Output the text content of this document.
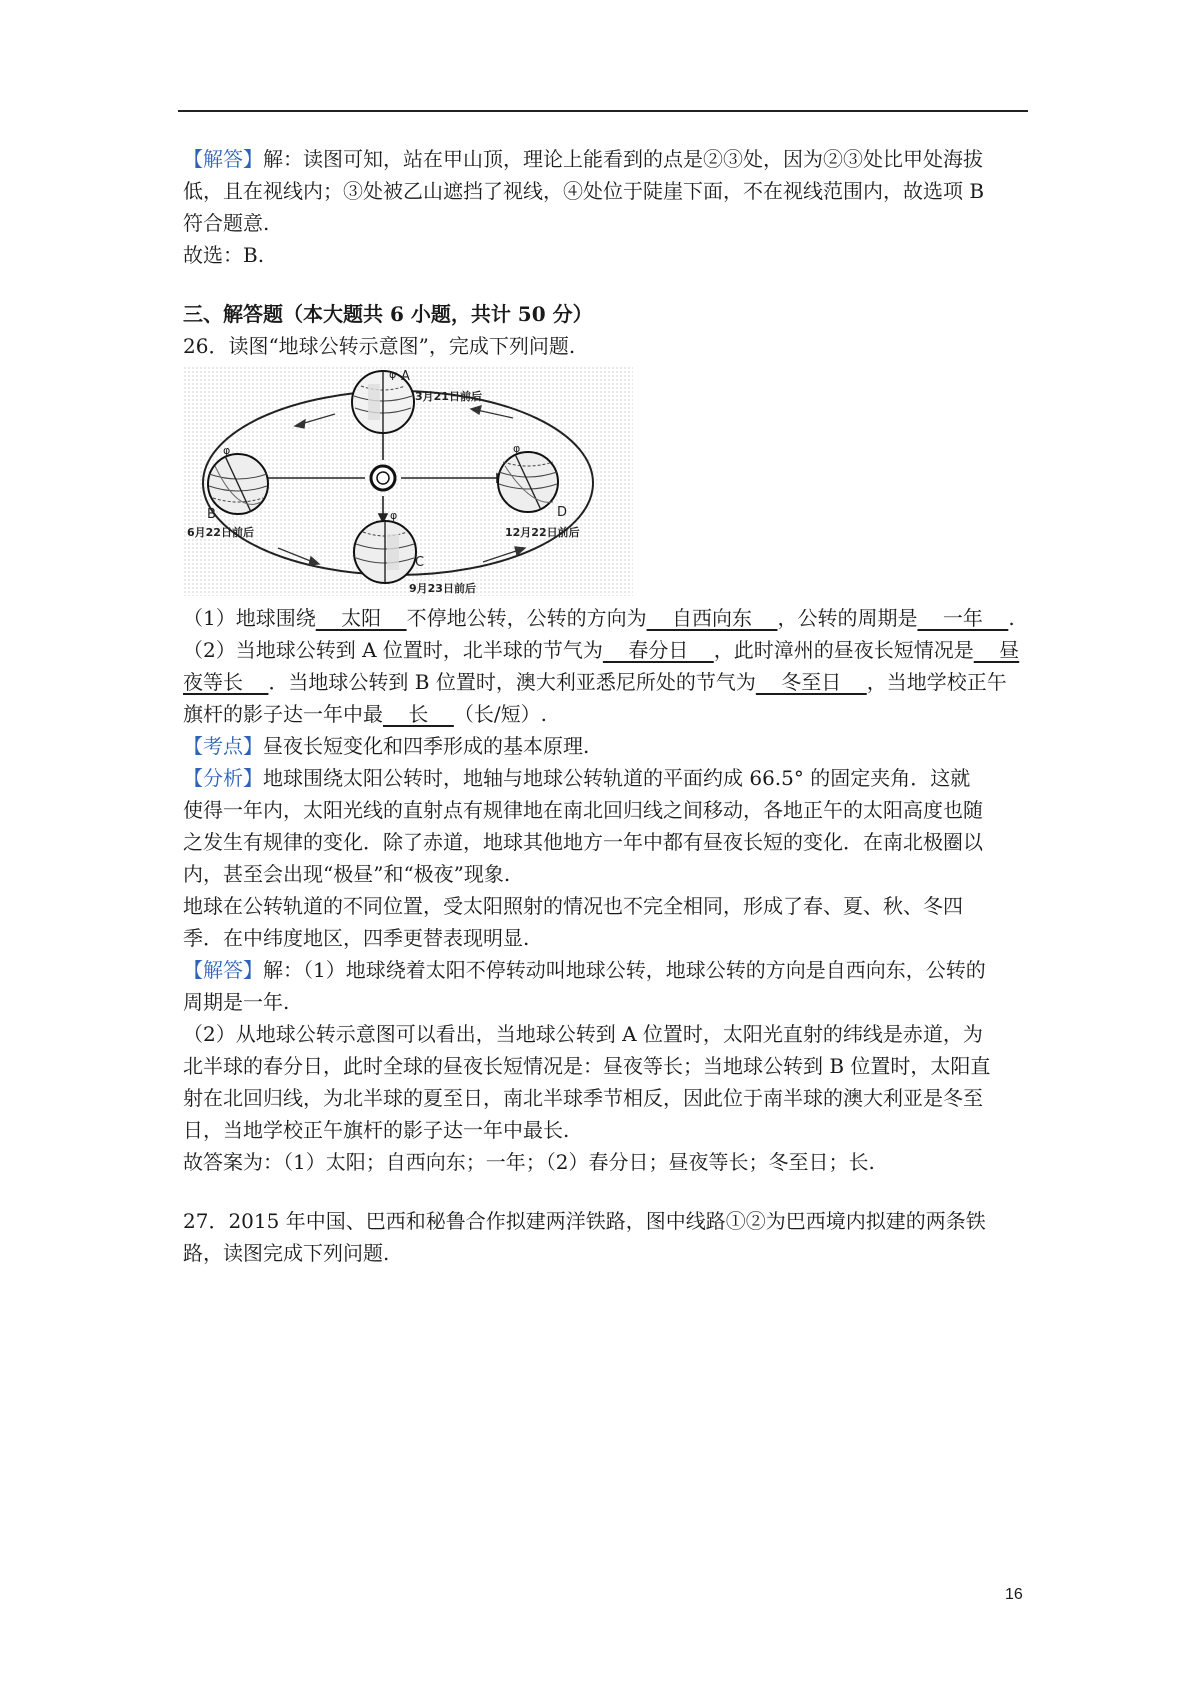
【解答】解：读图可知，站在甲山顶，理论上能看到的点是②③处，因为②③处比甲处海拔

低，且在视线内；③处被乙山遮挡了视线，④处位于陡崖下面，不在视线范围内，故选项 B

符合题意.

故选：B.

三、解答题（本大题共 6 小题，共计 50 分）

26．读图“地球公转示意图”，完成下列问题.

φ
φ	φ
φ
A
B
C
D
3月21日前后
6月22日前后
9月23日前后
12月22日前后

（1）地球围绕    太阳    不停地公转，公转的方向为    自西向东    ，公转的周期是    一年    .

（2）当地球公转到 A 位置时，北半球的节气为    春分日    ，此时漳州的昼夜长短情况是    昼

夜等长    ．当地球公转到 B 位置时，澳大利亚悉尼所处的节气为    冬至日    ，当地学校正午

旗杆的影子达一年中最    长    （长/短）.

【考点】昼夜长短变化和四季形成的基本原理.

【分析】地球围绕太阳公转时，地轴与地球公转轨道的平面约成 66.5° 的固定夹角．这就

使得一年内，太阳光线的直射点有规律地在南北回归线之间移动，各地正午的太阳高度也随

之发生有规律的变化．除了赤道，地球其他地方一年中都有昼夜长短的变化．在南北极圈以

内，甚至会出现“极昼”和“极夜”现象.

地球在公转轨道的不同位置，受太阳照射的情况也不完全相同，形成了春、夏、秋、冬四

季．在中纬度地区，四季更替表现明显.

【解答】解：（1）地球绕着太阳不停转动叫地球公转，地球公转的方向是自西向东，公转的

周期是一年.

（2）从地球公转示意图可以看出，当地球公转到 A 位置时，太阳光直射的纬线是赤道，为

北半球的春分日，此时全球的昼夜长短情况是：昼夜等长；当地球公转到 B 位置时，太阳直

射在北回归线，为北半球的夏至日，南北半球季节相反，因此位于南半球的澳大利亚是冬至

日，当地学校正午旗杆的影子达一年中最长.

故答案为：（1）太阳；自西向东；一年；（2）春分日；昼夜等长；冬至日；长.

27．2015 年中国、巴西和秘鲁合作拟建两洋铁路，图中线路①②为巴西境内拟建的两条铁

路，读图完成下列问题.

16
